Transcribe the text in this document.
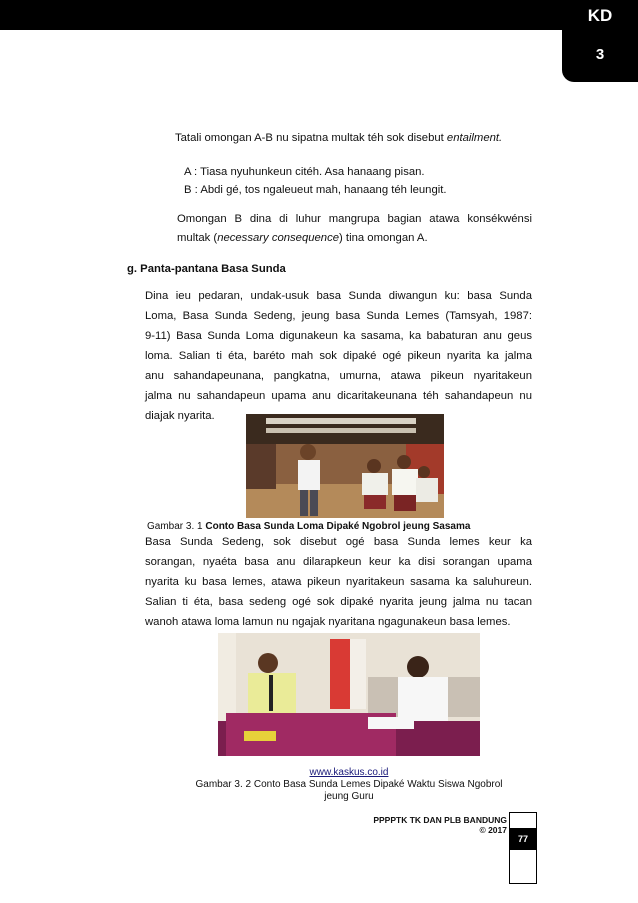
KD
3
Tatali omongan A-B nu sipatna multak téh sok disebut entailment.
A : Tiasa nyuhunkeun citéh. Asa hanaang pisan.
B : Abdi gé, tos ngaleueut mah, hanaang téh leungit.
Omongan B dina di luhur mangrupa bagian atawa konsékwénsi
multak (necessary consequence) tina omongan A.
g. Panta-pantana Basa Sunda
Dina ieu pedaran, undak-usuk basa Sunda diwangun ku: basa Sunda
Loma, Basa Sunda Sedeng, jeung basa Sunda Lemes (Tamsyah, 1987:
9-11) Basa Sunda Loma digunakeun ka sasama, ka babaturan anu geus
loma. Salian ti éta, baréto mah sok dipaké ogé pikeun nyarita ka jalma
anu sahandapeunana, pangkatna, umurna, atawa pikeun nyaritakeun
jalma nu sahandapeun upama anu dicaritakeunana téh sahandapeun nu
diajak nyarita.
Gambar 3. 1 Conto Basa Sunda Loma Dipaké Ngobrol jeung Sasama
Basa Sunda Sedeng, sok disebut ogé basa Sunda lemes keur ka
sorangan, nyaéta basa anu dilarapkeun keur ka disi sorangan upama
nyarita ku basa lemes, atawa pikeun nyaritakeun sasama ka saluhureun.
Salian ti éta, basa sedeng ogé sok dipaké nyarita jeung jalma nu tacan
wanoh atawa loma lamun nu ngajak nyaritana ngagunakeun basa lemes.
www.kaskus.co.id
Gambar 3. 2 Conto Basa Sunda Lemes Dipaké Waktu Siswa Ngobrol
jeung Guru
PPPPTK TK DAN PLB BANDUNG
© 2017
77
